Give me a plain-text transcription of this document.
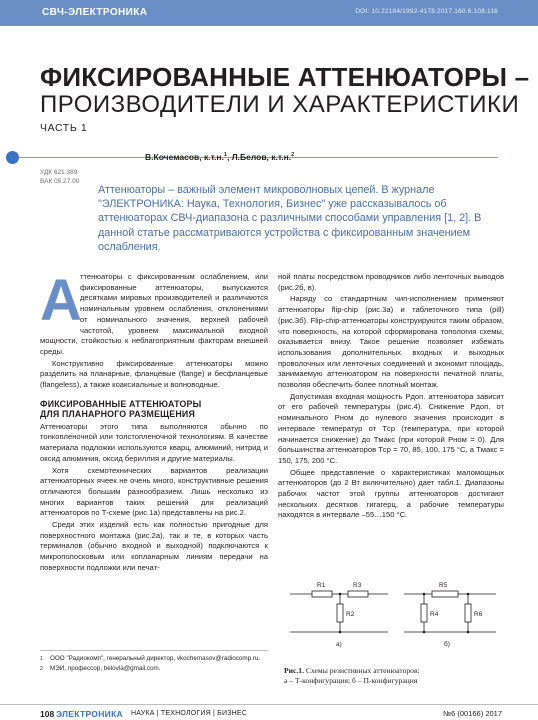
СВЧ-ЭЛЕКТРОНИКА	DOI: 10.22184/1992-4178.2017.160.6.108.116
ФИКСИРОВАННЫЕ АТТЕНЮАТОРЫ –
ПРОИЗВОДИТЕЛИ И ХАРАКТЕРИСТИКИ
ЧАСТЬ 1
В.Кочемасов, к.т.н.$^1$, Л.Белов, к.т.н.$^2$
УДК 621.389
ВАК 05.27.00
Аттенюаторы – важный элемент микроволновых цепей. В журнале "ЭЛЕКТРОНИКА: Наука, Технология, Бизнес" уже рассказывалось об аттенюаторах СВЧ-диапазона с различными способами управления [1, 2]. В данной статье рассматриваются устройства с фиксированным значением ослабления.

А
ттенюаторы с фиксированным ослаблением, или фиксированные аттенюаторы, выпускаются десятками мировых производителей и различаются номинальным уровнем ослабления, отклонениями от номинального значения, верхней рабочей частотой, уровнем максимальной входной мощности, стойкостью к неблагоприятным факторам внешней среды.

Конструктивно фиксированные аттенюаторы можно разделить на планарные, фланцевые (flange) и бесфланцевые (flangeless), а также коаксиальные и волноводные.

ФИКСИРОВАННЫЕ АТТЕНЮАТОРЫ
ДЛЯ ПЛАНАРНОГО РАЗМЕЩЕНИЯ

Аттенюаторы этого типа выполняются обычно по тонкопленочной или толстопленочной технологиям. В качестве материала подложки используются кварц, алюминий, нитрид и оксид алюминия, оксид бериллия и другие материалы.

Хотя схемотехнических вариантов реализации аттенюаторных ячеек не очень много, конструктивные решения отличаются большим разнообразием. Лишь несколько из многих вариантов таких решений для реализаций аттенюаторов по Т-схеме (рис.1а) представлены на рис.2.

Среди этих изделий есть как полностью пригодные для поверхностного монтажа (рис.2а), так и те, в которых часть терминалов (обычно входной и выходной) подключаются к микрополосковым или копланарным линиям передачи на поверхности подложки или печат-

ной платы посредством проводников либо ленточных выводов (рис.2б, в).

Наряду со стандартным чип-исполнением применяют аттенюаторы flip-chip (рис.3а) и таблеточного типа (pill) (рис.3б). Flip-chip-аттенюаторы конструируются таким образом, что поверхность, на которой сформирована топология схемы, оказывается внизу. Такое решение позволяет избежать использования дополнительных входных и выходных проволочных или ленточных соединений и экономит площадь, занимаемую аттенюатором на поверхности печатной платы, позволяя обеспечить более плотный монтаж.

Допустимая входная мощность Pдоп. аттенюатора зависит от его рабочей температуры (рис.4). Снижение Pдоп. от номинального Pном до нулевого значения происходит в интервале температур от Tср (температура, при которой начинается снижение) до Tмакс (при которой Pном = 0). Для большинства аттенюаторов Tср = 70, 85, 100, 175 °С, а Tмакс = 150, 175, 200 °С.

Общее представление о характеристиках маломощных аттенюаторов (до 2 Вт включительно) дает табл.1. Диапазоны рабочих частот этой группы аттенюаторов достигают нескольких десятков гигагерц, а рабочие температуры находятся в интервале –55…150 °С.

R1	R3
R2
R5
R4	R6
а)	б)
Рис.1. Схемы резистивных аттенюаторов:
а – Т-конфигурация; б – П-конфигурация
1	ООО "Радиокомп", генеральный директор, vkochemasov@radiocomp.ru.
2	МЭИ, профессор, belovla@gmail.com.
108 ЭЛЕКТРОНИКА НАУКА | ТЕХНОЛОГИЯ | БИЗНЕС	№6 (00166) 2017
